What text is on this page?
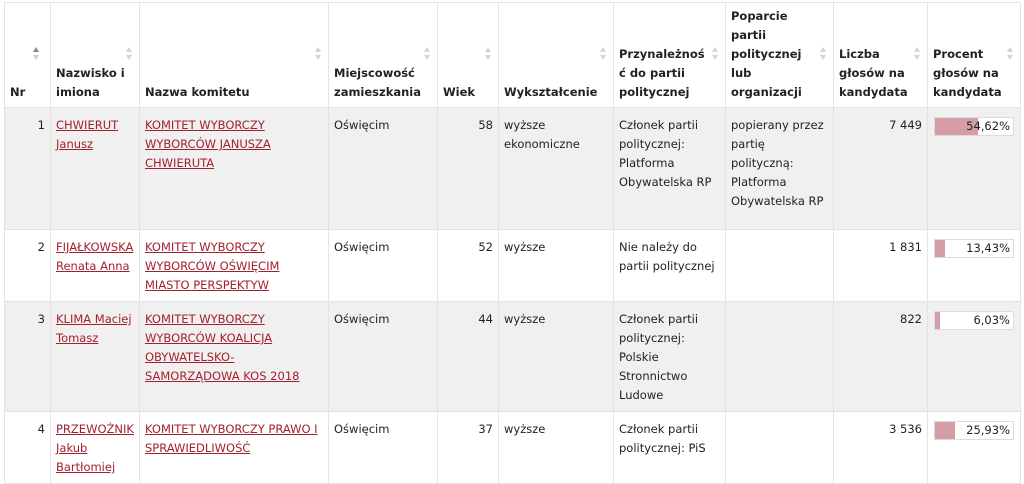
Nr	Nazwisko i imiona	Nazwa komitetu	Miejscowość zamieszkania	Wiek	Wykształcenie	Przynależność do partii politycznej	Poparcie partii politycznej lub organizacji	Liczba głosów na kandydata	Procent głosów na kandydata

1	CHWIERUT Janusz	KOMITET WYBORCZY WYBORCÓW JANUSZA CHWIERUTA	Oświęcim	58	wyższe ekonomiczne	Członek partii politycznej: Platforma Obywatelska RP	popierany przez partię polityczną: Platforma Obywatelska RP	7 449	54,62%

2	FIJAŁKOWSKA Renata Anna	KOMITET WYBORCZY WYBORCÓW OŚWIĘCIM MIASTO PERSPEKTYW	Oświęcim	52	wyższe	Nie należy do partii politycznej		1 831	13,43%

3	KLIMA Maciej Tomasz	KOMITET WYBORCZY WYBORCÓW KOALICJA OBYWATELSKO-SAMORZĄDOWA KOS 2018	Oświęcim	44	wyższe	Członek partii politycznej: Polskie Stronnictwo Ludowe		822	6,03%

4	PRZEWOŹNIK Jakub Bartłomiej	KOMITET WYBORCZY PRAWO I SPRAWIEDLIWOŚĆ	Oświęcim	37	wyższe	Członek partii politycznej: PiS		3 536	25,93%
